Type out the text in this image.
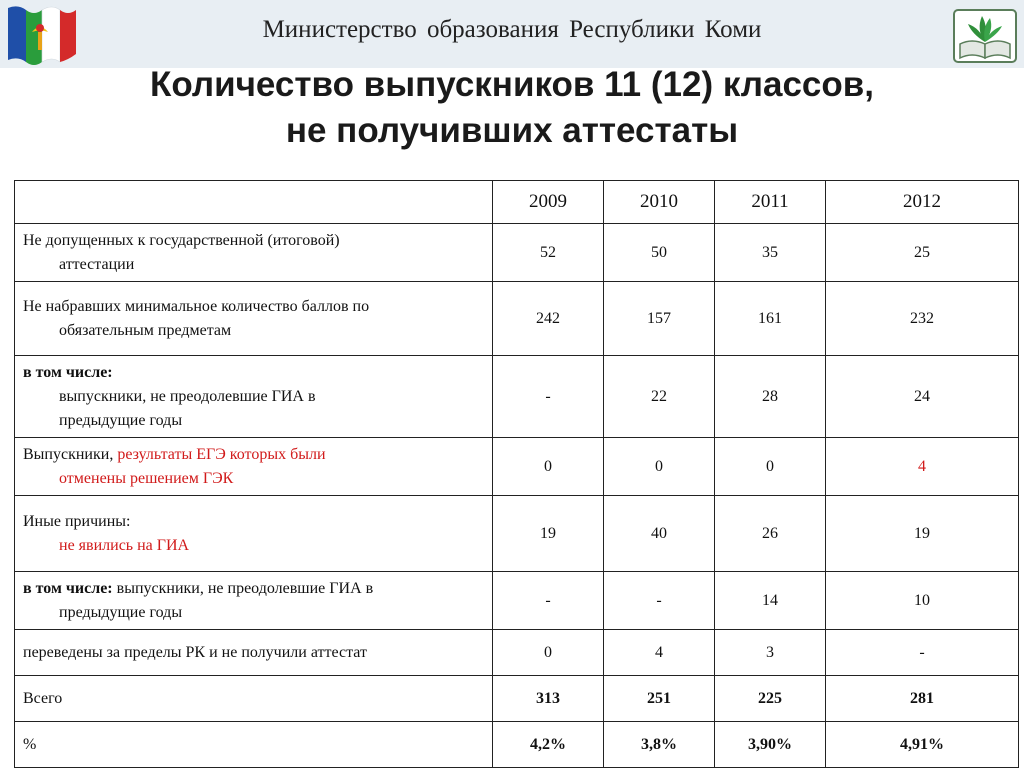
Министерство образования Республики Коми
Количество выпускников 11 (12) классов,
не получивших аттестаты
	2009	2010	2011	2012
Не допущенных к государственной (итоговой)
аттестации	52	50	35	25
Не набравших минимальное количество баллов по
обязательным предметам	242	157	161	232
в том числе:
выпускники, не преодолевшие ГИА в предыдущие годы	-	22	28	24
Выпускники, результаты ЕГЭ которых были
отменены решением ГЭК	0	0	0	4
Иные причины:
не явились на ГИА	19	40	26	19
в том числе: выпускники, не преодолевшие ГИА в
предыдущие годы	-	-	14	10
переведены за пределы РК и не получили аттестат	0	4	3	-
Всего	313	251	225	281
%	4,2%	3,8%	3,90%	4,91%
